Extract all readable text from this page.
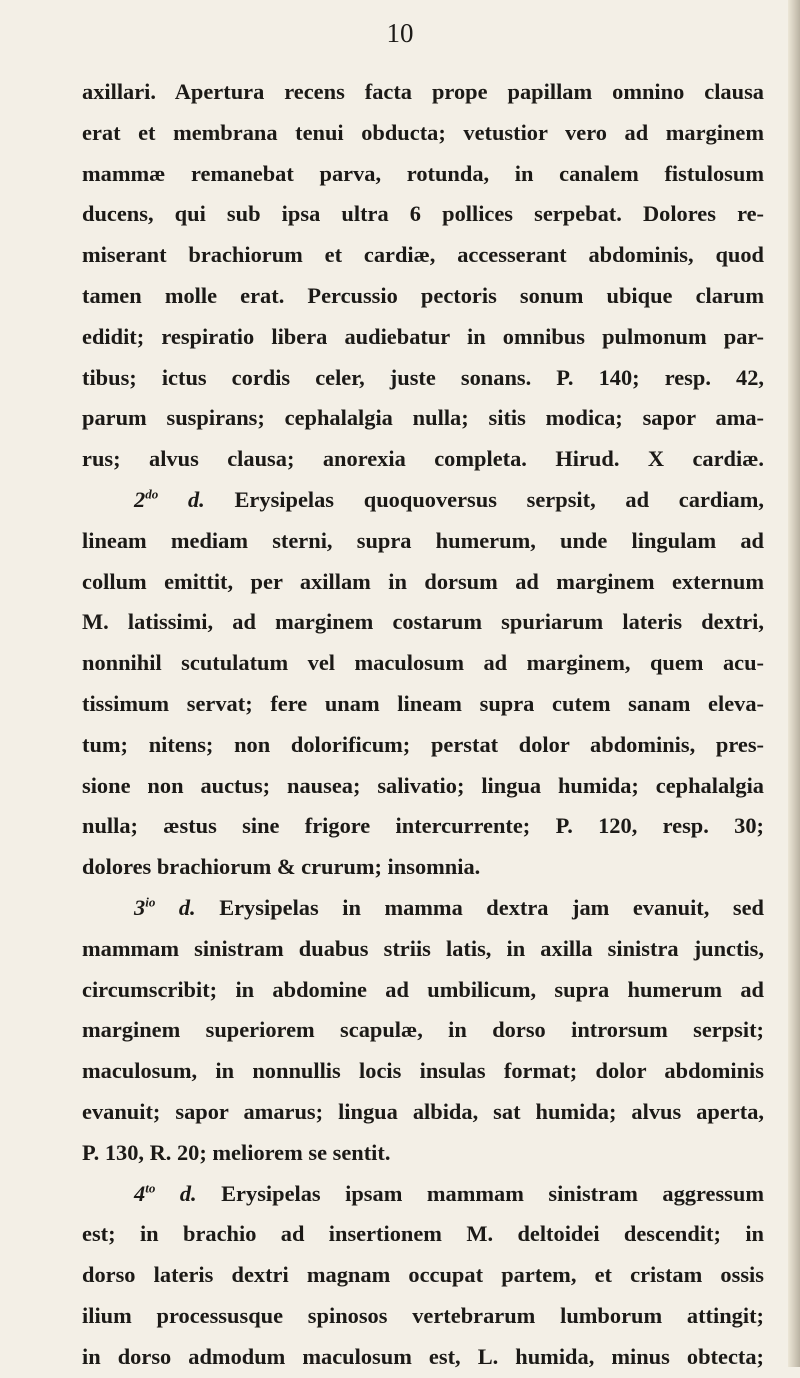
10
axillari. Apertura recens facta prope papillam omnino clausa
erat et membrana tenui obducta; vetustior vero ad marginem
mammæ remanebat parva, rotunda, in canalem fistulosum
ducens, qui sub ipsa ultra 6 pollices serpebat. Dolores re-
miserant brachiorum et cardiæ, accesserant abdominis, quod
tamen molle erat. Percussio pectoris sonum ubique clarum
edidit; respiratio libera audiebatur in omnibus pulmonum par-
tibus; ictus cordis celer, juste sonans. P. 140; resp. 42,
parum suspirans; cephalalgia nulla; sitis modica; sapor ama-
rus; alvus clausa; anorexia completa. Hirud. X cardiæ.
$2^{do}$ d. Erysipelas quoquoversus serpsit, ad cardiam,
lineam mediam sterni, supra humerum, unde lingulam ad
collum emittit, per axillam in dorsum ad marginem externum
M. latissimi, ad marginem costarum spuriarum lateris dextri,
nonnihil scutulatum vel maculosum ad marginem, quem acu-
tissimum servat; fere unam lineam supra cutem sanam eleva-
tum; nitens; non dolorificum; perstat dolor abdominis, pres-
sione non auctus; nausea; salivatio; lingua humida; cephalalgia
nulla; æstus sine frigore intercurrente; P. 120, resp. 30;
dolores brachiorum & crurum; insomnia.
$3^{io}$ d. Erysipelas in mamma dextra jam evanuit, sed
mammam sinistram duabus striis latis, in axilla sinistra junctis,
circumscribit; in abdomine ad umbilicum, supra humerum ad
marginem superiorem scapulæ, in dorso introrsum serpsit;
maculosum, in nonnullis locis insulas format; dolor abdominis
evanuit; sapor amarus; lingua albida, sat humida; alvus aperta,
P. 130, R. 20; meliorem se sentit.
$4^{to}$ d. Erysipelas ipsam mammam sinistram aggressum
est; in brachio ad insertionem M. deltoidei descendit; in
dorso lateris dextri magnam occupat partem, et cristam ossis
ilium processusque spinosos vertebrarum lumborum attingit;
in dorso admodum maculosum est, L. humida, minus obtecta;
